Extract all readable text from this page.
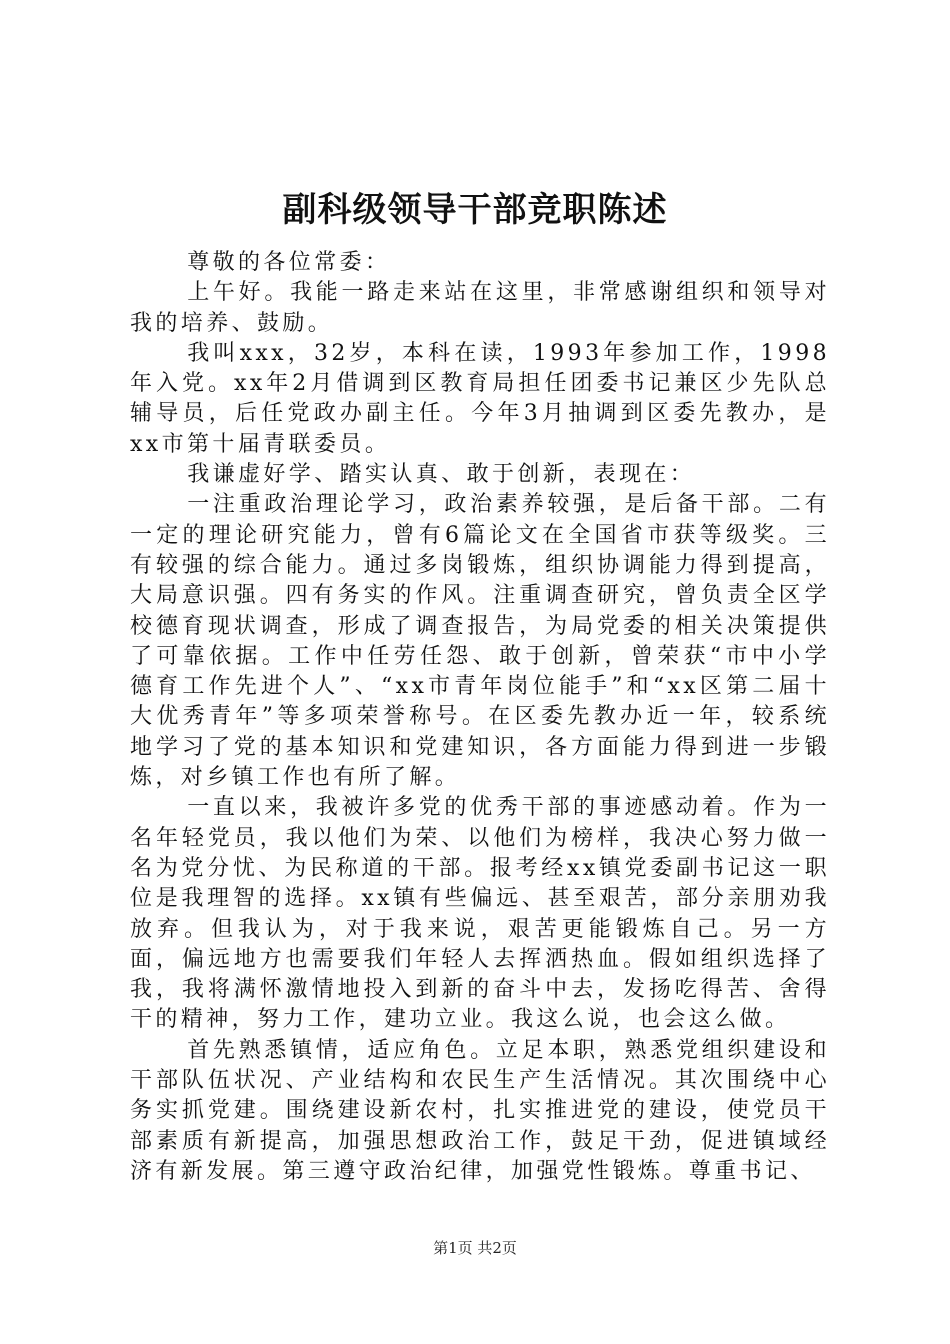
副科级领导干部竞职陈述

尊敬的各位常委：

上午好。我能一路走来站在这里，非常感谢组织和领导对我的培养、鼓励。

我叫xxx，32岁，本科在读，1993年参加工作，1998年入党。xx年2月借调到区教育局担任团委书记兼区少先队总辅导员，后任党政办副主任。今年3月抽调到区委先教办，是xx市第十届青联委员。

我谦虚好学、踏实认真、敢于创新，表现在：

一注重政治理论学习，政治素养较强，是后备干部。二有一定的理论研究能力，曾有6篇论文在全国省市获等级奖。三有较强的综合能力。通过多岗锻炼，组织协调能力得到提高，大局意识强。四有务实的作风。注重调查研究，曾负责全区学校德育现状调查，形成了调查报告，为局党委的相关决策提供了可靠依据。工作中任劳任怨、敢于创新，曾荣获“市中小学德育工作先进个人”、“xx市青年岗位能手”和“xx区第二届十大优秀青年”等多项荣誉称号。在区委先教办近一年，较系统地学习了党的基本知识和党建知识，各方面能力得到进一步锻炼，对乡镇工作也有所了解。

一直以来，我被许多党的优秀干部的事迹感动着。作为一名年轻党员，我以他们为荣、以他们为榜样，我决心努力做一名为党分忧、为民称道的干部。报考经xx镇党委副书记这一职位是我理智的选择。xx镇有些偏远、甚至艰苦，部分亲朋劝我放弃。但我认为，对于我来说，艰苦更能锻炼自己。另一方面，偏远地方也需要我们年轻人去挥洒热血。假如组织选择了我，我将满怀激情地投入到新的奋斗中去，发扬吃得苦、舍得干的精神，努力工作，建功立业。我这么说，也会这么做。

首先熟悉镇情，适应角色。立足本职，熟悉党组织建设和干部队伍状况、产业结构和农民生产生活情况。其次围绕中心务实抓党建。围绕建设新农村，扎实推进党的建设，使党员干部素质有新提高，加强思想政治工作，鼓足干劲，促进镇域经济有新发展。第三遵守政治纪律，加强党性锻炼。尊重书记、

第1页 共2页
